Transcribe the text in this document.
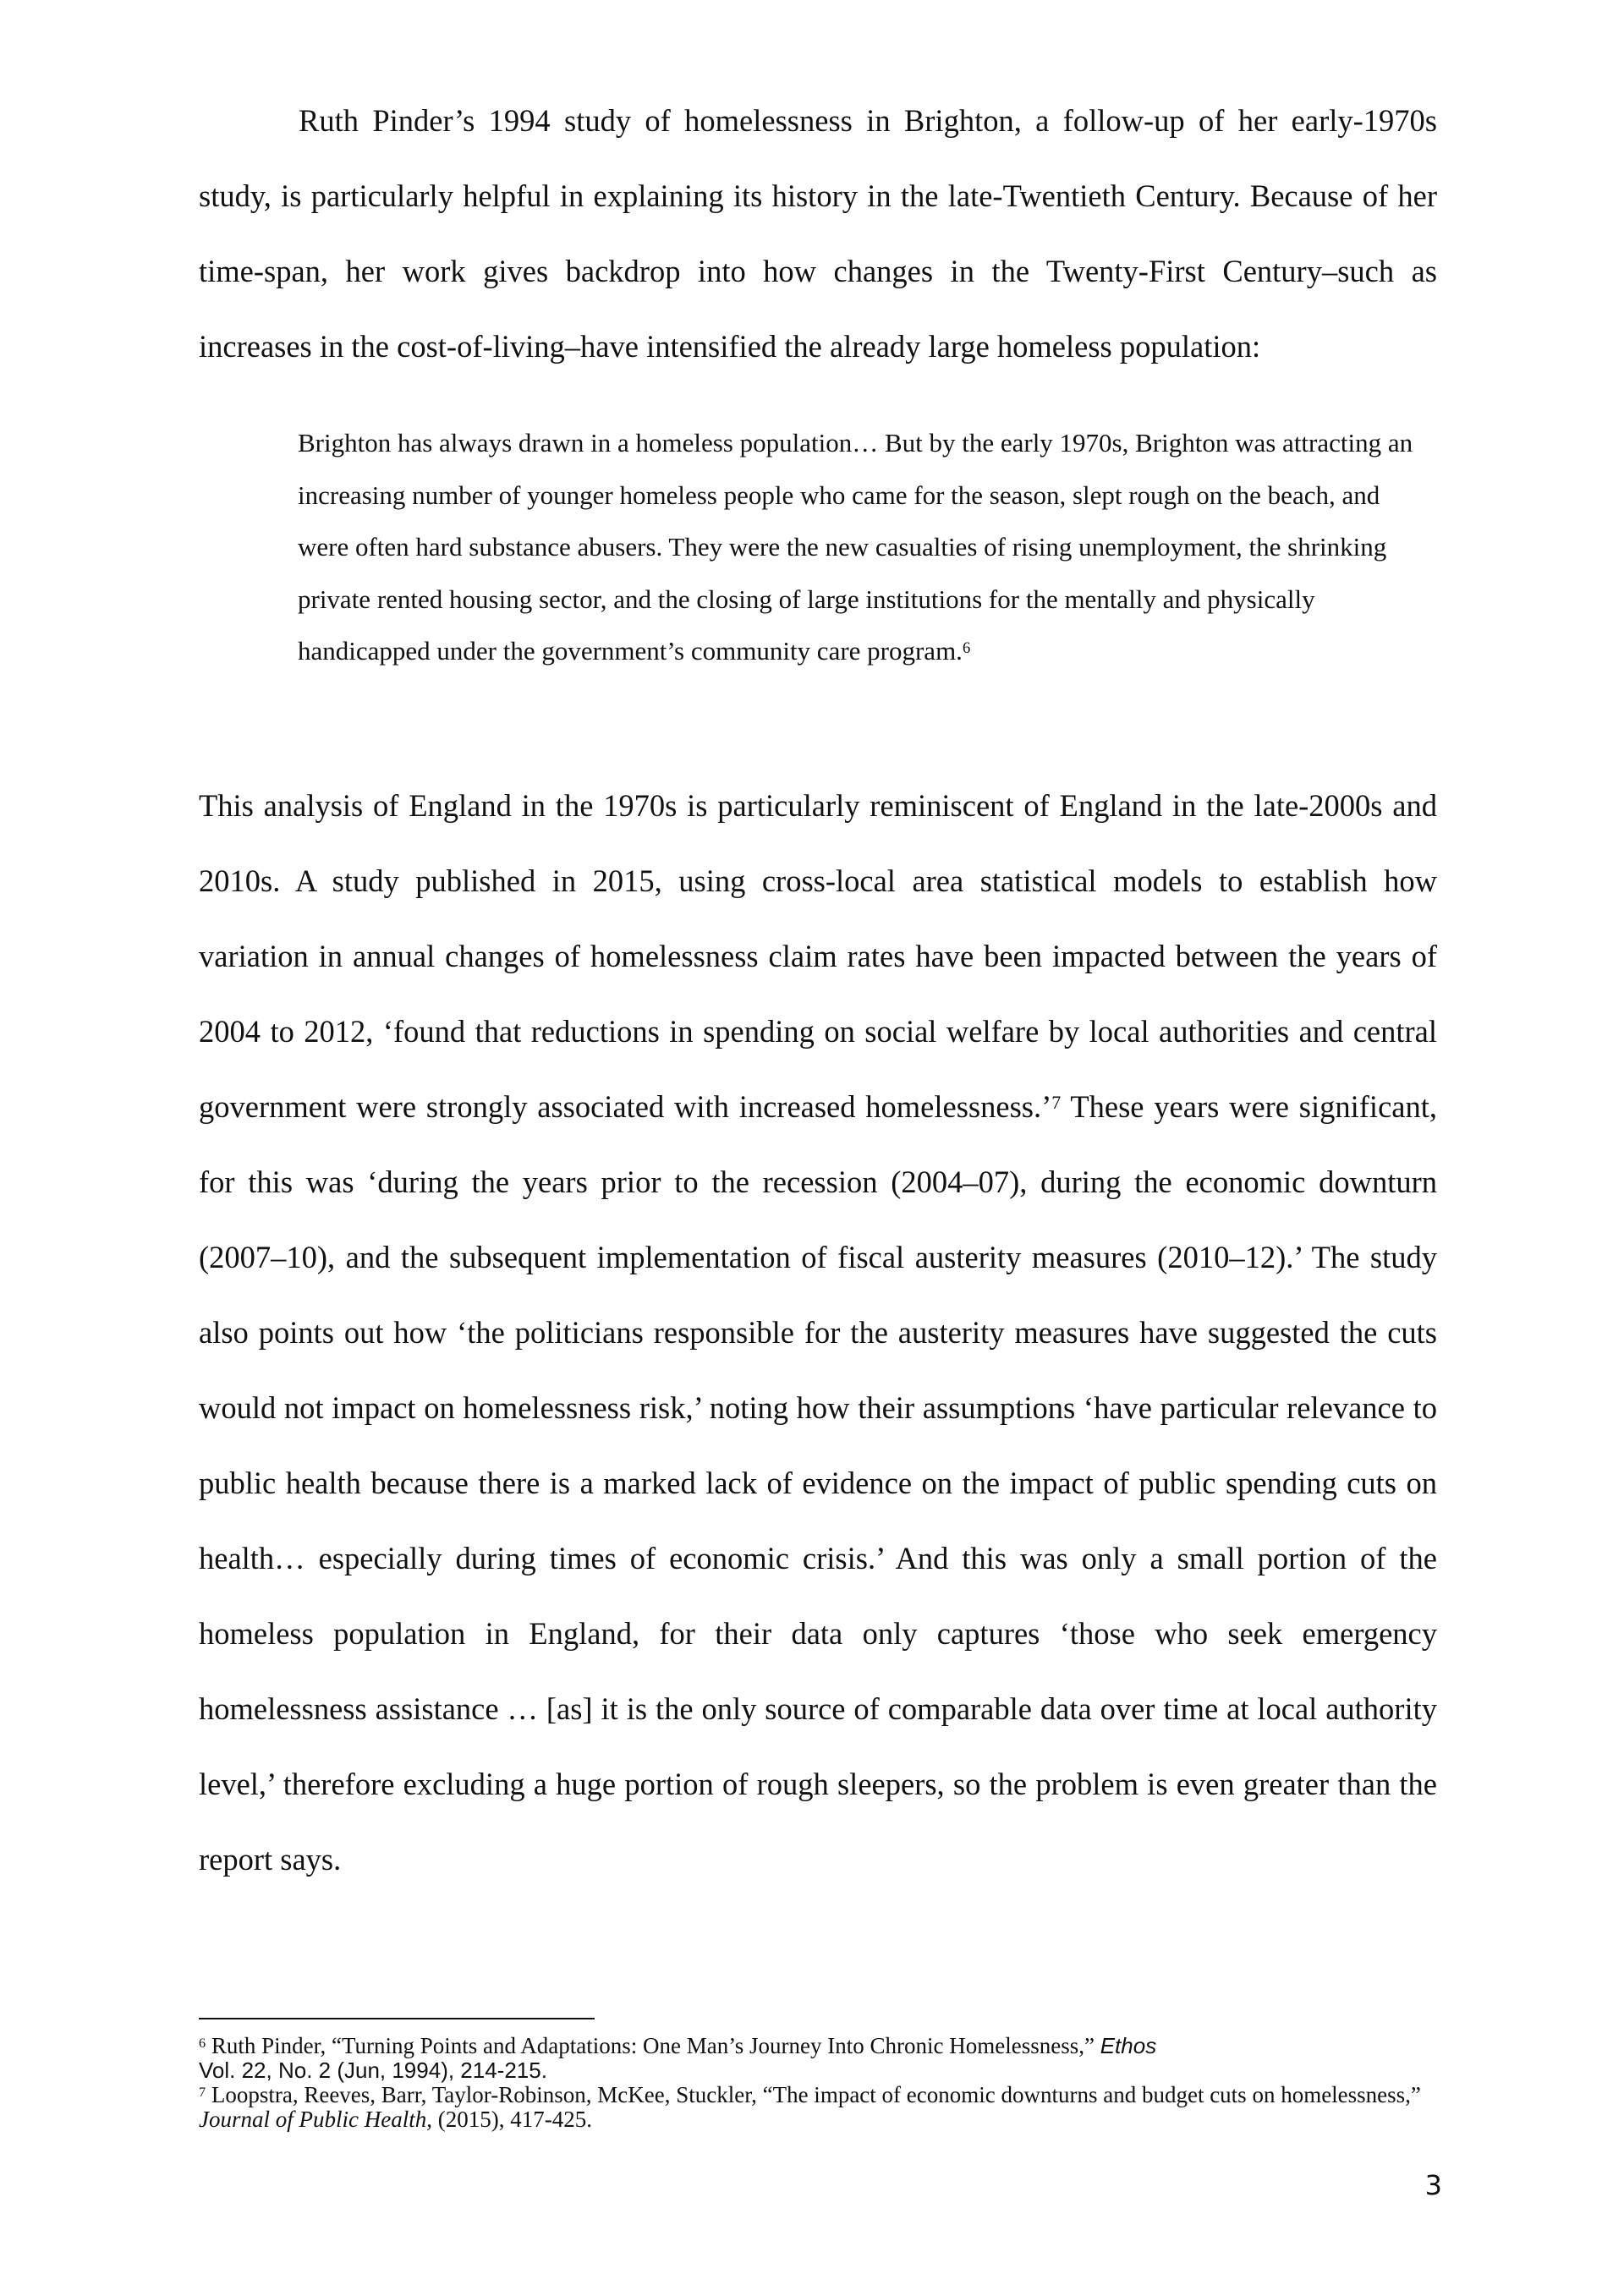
Ruth Pinder’s 1994 study of homelessness in Brighton, a follow-up of her early-1970s study, is particularly helpful in explaining its history in the late-Twentieth Century. Because of her time-span, her work gives backdrop into how changes in the Twenty-First Century–such as increases in the cost-of-living–have intensified the already large homeless population:

Brighton has always drawn in a homeless population… But by the early 1970s, Brighton was attracting an increasing number of younger homeless people who came for the season, slept rough on the beach, and were often hard substance abusers. They were the new casualties of rising unemployment, the shrinking private rented housing sector, and the closing of large institutions for the mentally and physically handicapped under the government’s community care program.$^6$

This analysis of England in the 1970s is particularly reminiscent of England in the late-2000s and 2010s. A study published in 2015, using cross-local area statistical models to establish how variation in annual changes of homelessness claim rates have been impacted between the years of 2004 to 2012, ‘found that reductions in spending on social welfare by local authorities and central government were strongly associated with increased homelessness.’$^7$ These years were significant, for this was ‘during the years prior to the recession (2004–07), during the economic downturn (2007–10), and the subsequent implementation of fiscal austerity measures (2010–12).’ The study also points out how ‘the politicians responsible for the austerity measures have suggested the cuts would not impact on homelessness risk,’ noting how their assumptions ‘have particular relevance to public health because there is a marked lack of evidence on the impact of public spending cuts on health… especially during times of economic crisis.’ And this was only a small portion of the homeless population in England, for their data only captures ‘those who seek emergency homelessness assistance … [as] it is the only source of comparable data over time at local authority level,’ therefore excluding a huge portion of rough sleepers, so the problem is even greater than the report says.

$^6$ Ruth Pinder, “Turning Points and Adaptations: One Man’s Journey Into Chronic Homelessness,” Ethos
Vol. 22, No. 2 (Jun, 1994), 214-215.

$^7$ Loopstra, Reeves, Barr, Taylor-Robinson, McKee, Stuckler, “The impact of economic downturns and budget cuts on homelessness,” Journal of Public Health, (2015), 417-425.

3
